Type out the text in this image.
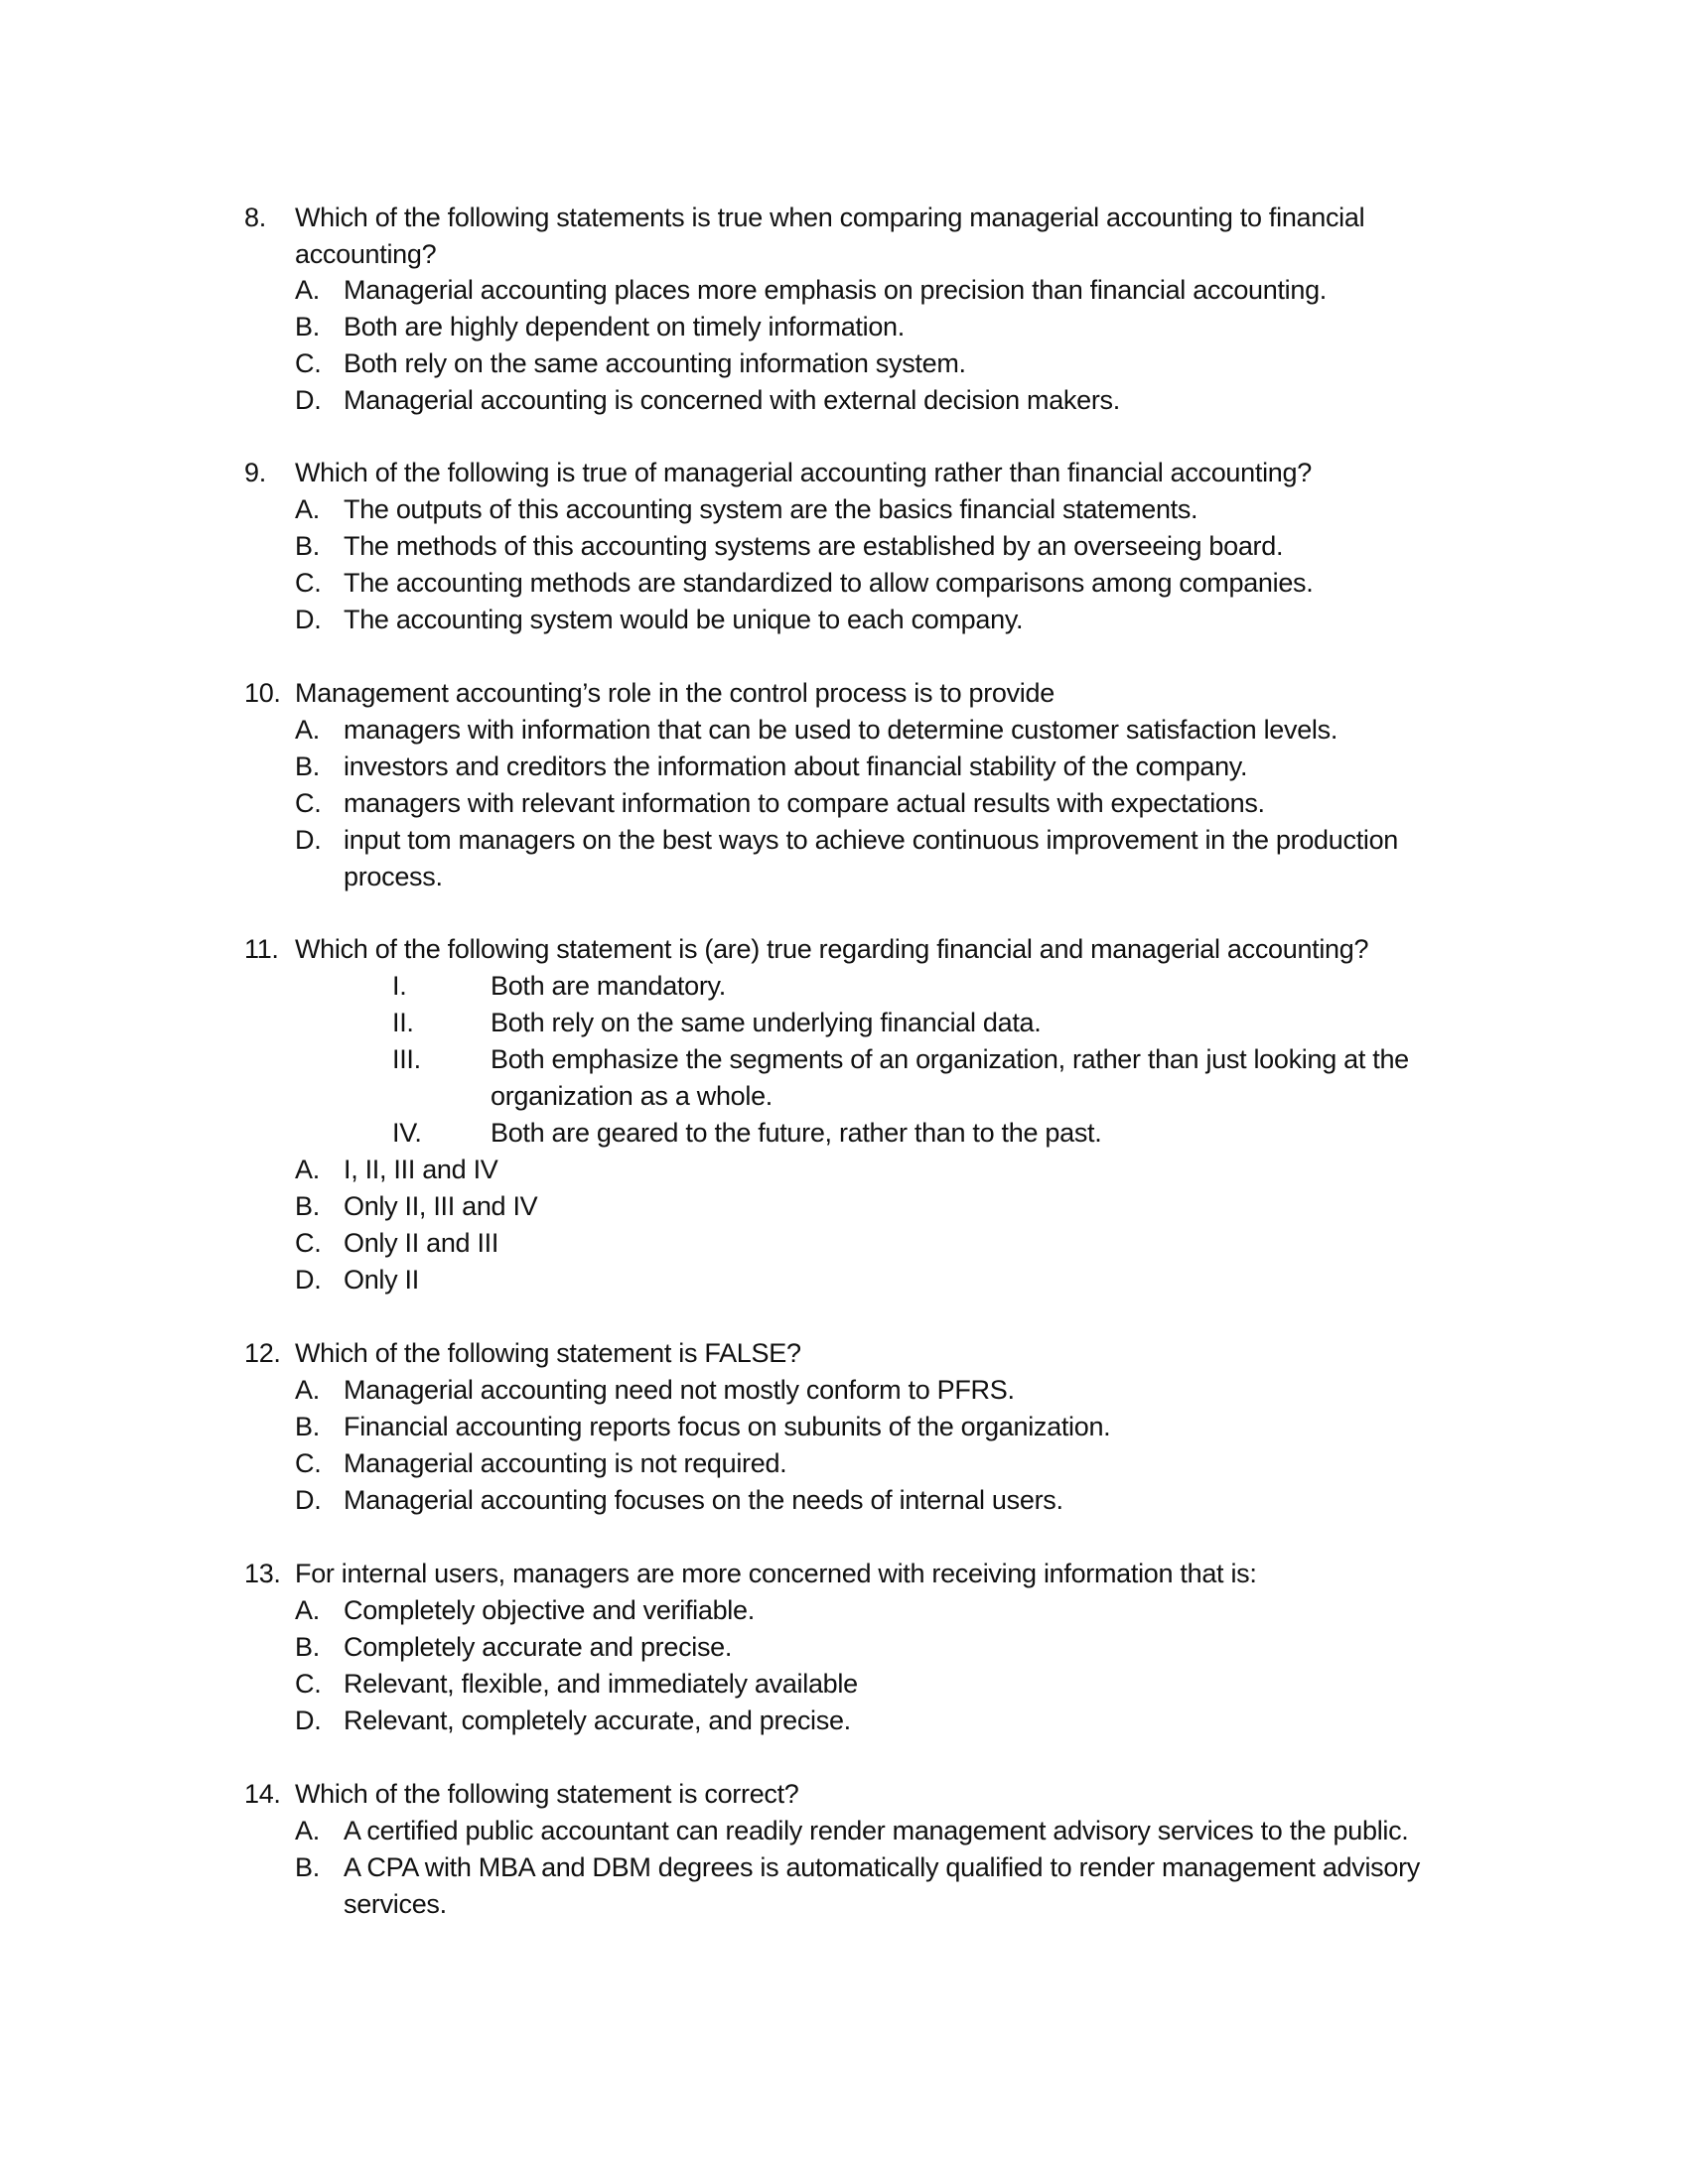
8. Which of the following statements is true when comparing managerial accounting to financial
accounting?
A. Managerial accounting places more emphasis on precision than financial accounting.
B. Both are highly dependent on timely information.
C. Both rely on the same accounting information system.
D. Managerial accounting is concerned with external decision makers.
9. Which of the following is true of managerial accounting rather than financial accounting?
A. The outputs of this accounting system are the basics financial statements.
B. The methods of this accounting systems are established by an overseeing board.
C. The accounting methods are standardized to allow comparisons among companies.
D. The accounting system would be unique to each company.
10. Management accounting’s role in the control process is to provide
A. managers with information that can be used to determine customer satisfaction levels.
B. investors and creditors the information about financial stability of the company.
C. managers with relevant information to compare actual results with expectations.
D. input tom managers on the best ways to achieve continuous improvement in the production
process.
11. Which of the following statement is (are) true regarding financial and managerial accounting?
I.	Both are mandatory.
II.	Both rely on the same underlying financial data.
III.	Both emphasize the segments of an organization, rather than just looking at the
organization as a whole.
IV.	Both are geared to the future, rather than to the past.
A. I, II, III and IV
B. Only II, III and IV
C. Only II and III
D. Only II
12. Which of the following statement is FALSE?
A. Managerial accounting need not mostly conform to PFRS.
B. Financial accounting reports focus on subunits of the organization.
C. Managerial accounting is not required.
D. Managerial accounting focuses on the needs of internal users.
13. For internal users, managers are more concerned with receiving information that is:
A. Completely objective and verifiable.
B. Completely accurate and precise.
C. Relevant, flexible, and immediately available
D. Relevant, completely accurate, and precise.
14. Which of the following statement is correct?
A. A certified public accountant can readily render management advisory services to the public.
B. A CPA with MBA and DBM degrees is automatically qualified to render management advisory
services.
